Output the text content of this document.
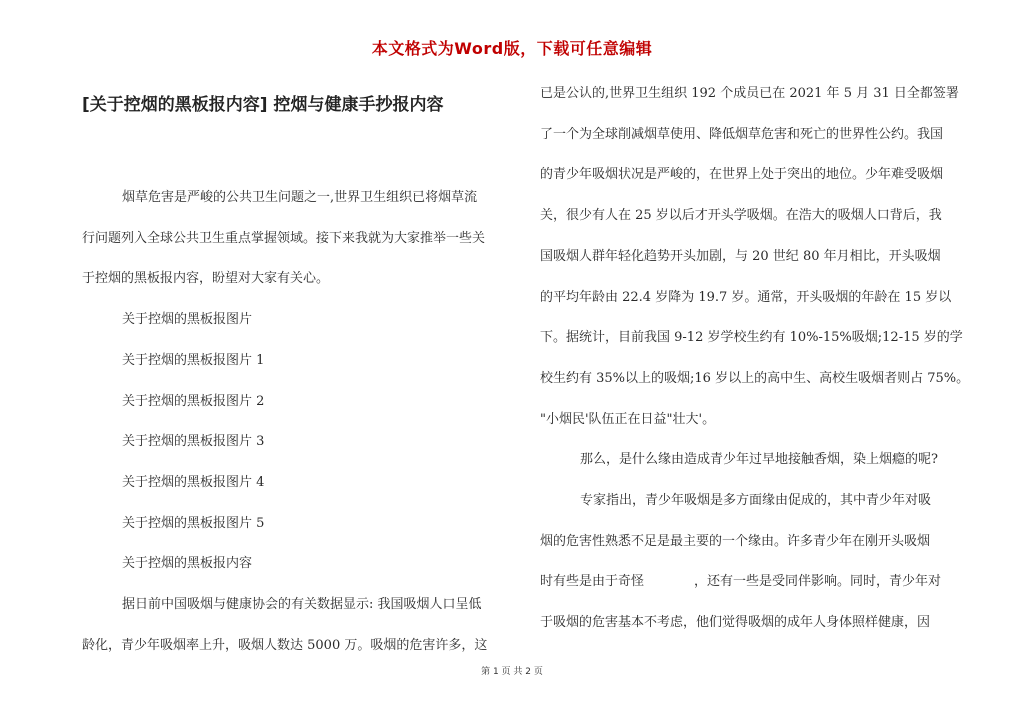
本文格式为Word版，下载可任意编辑
[关于控烟的黑板报内容] 控烟与健康手抄报内容

烟草危害是严峻的公共卫生问题之一,世界卫生组织已将烟草流

行问题列入全球公共卫生重点掌握领域。接下来我就为大家推举一些关

于控烟的黑板报内容，盼望对大家有关心。

关于控烟的黑板报图片

关于控烟的黑板报图片 1

关于控烟的黑板报图片 2

关于控烟的黑板报图片 3

关于控烟的黑板报图片 4

关于控烟的黑板报图片 5

关于控烟的黑板报内容

据日前中国吸烟与健康协会的有关数据显示: 我国吸烟人口呈低

龄化，青少年吸烟率上升，吸烟人数达 5000 万。吸烟的危害许多，这

已是公认的,世界卫生组织 192 个成员已在 2021 年 5 月 31 日全都签署

了一个为全球削减烟草使用、降低烟草危害和死亡的世界性公约。我国

的青少年吸烟状况是严峻的，在世界上处于突出的地位。少年难受吸烟

关，很少有人在 25 岁以后才开头学吸烟。在浩大的吸烟人口背后，我

国吸烟人群年轻化趋势开头加剧，与 20 世纪 80 年月相比，开头吸烟

的平均年龄由 22.4 岁降为 19.7 岁。通常，开头吸烟的年龄在 15 岁以

下。据统计，目前我国 9-12 岁学校生约有 10%-15%吸烟;12-15 岁的学

校生约有 35%以上的吸烟;16 岁以上的高中生、高校生吸烟者则占 75%。

"小烟民'队伍正在日益"壮大'。

那么，是什么缘由造成青少年过早地接触香烟，染上烟瘾的呢?

专家指出，青少年吸烟是多方面缘由促成的，其中青少年对吸

烟的危害性熟悉不足是最主要的一个缘由。许多青少年在刚开头吸烟

时有些是由于奇怪	，还有一些是受同伴影响。同时，青少年对

于吸烟的危害基本不考虑，他们觉得吸烟的成年人身体照样健康，因

第 1 页 共 2 页
